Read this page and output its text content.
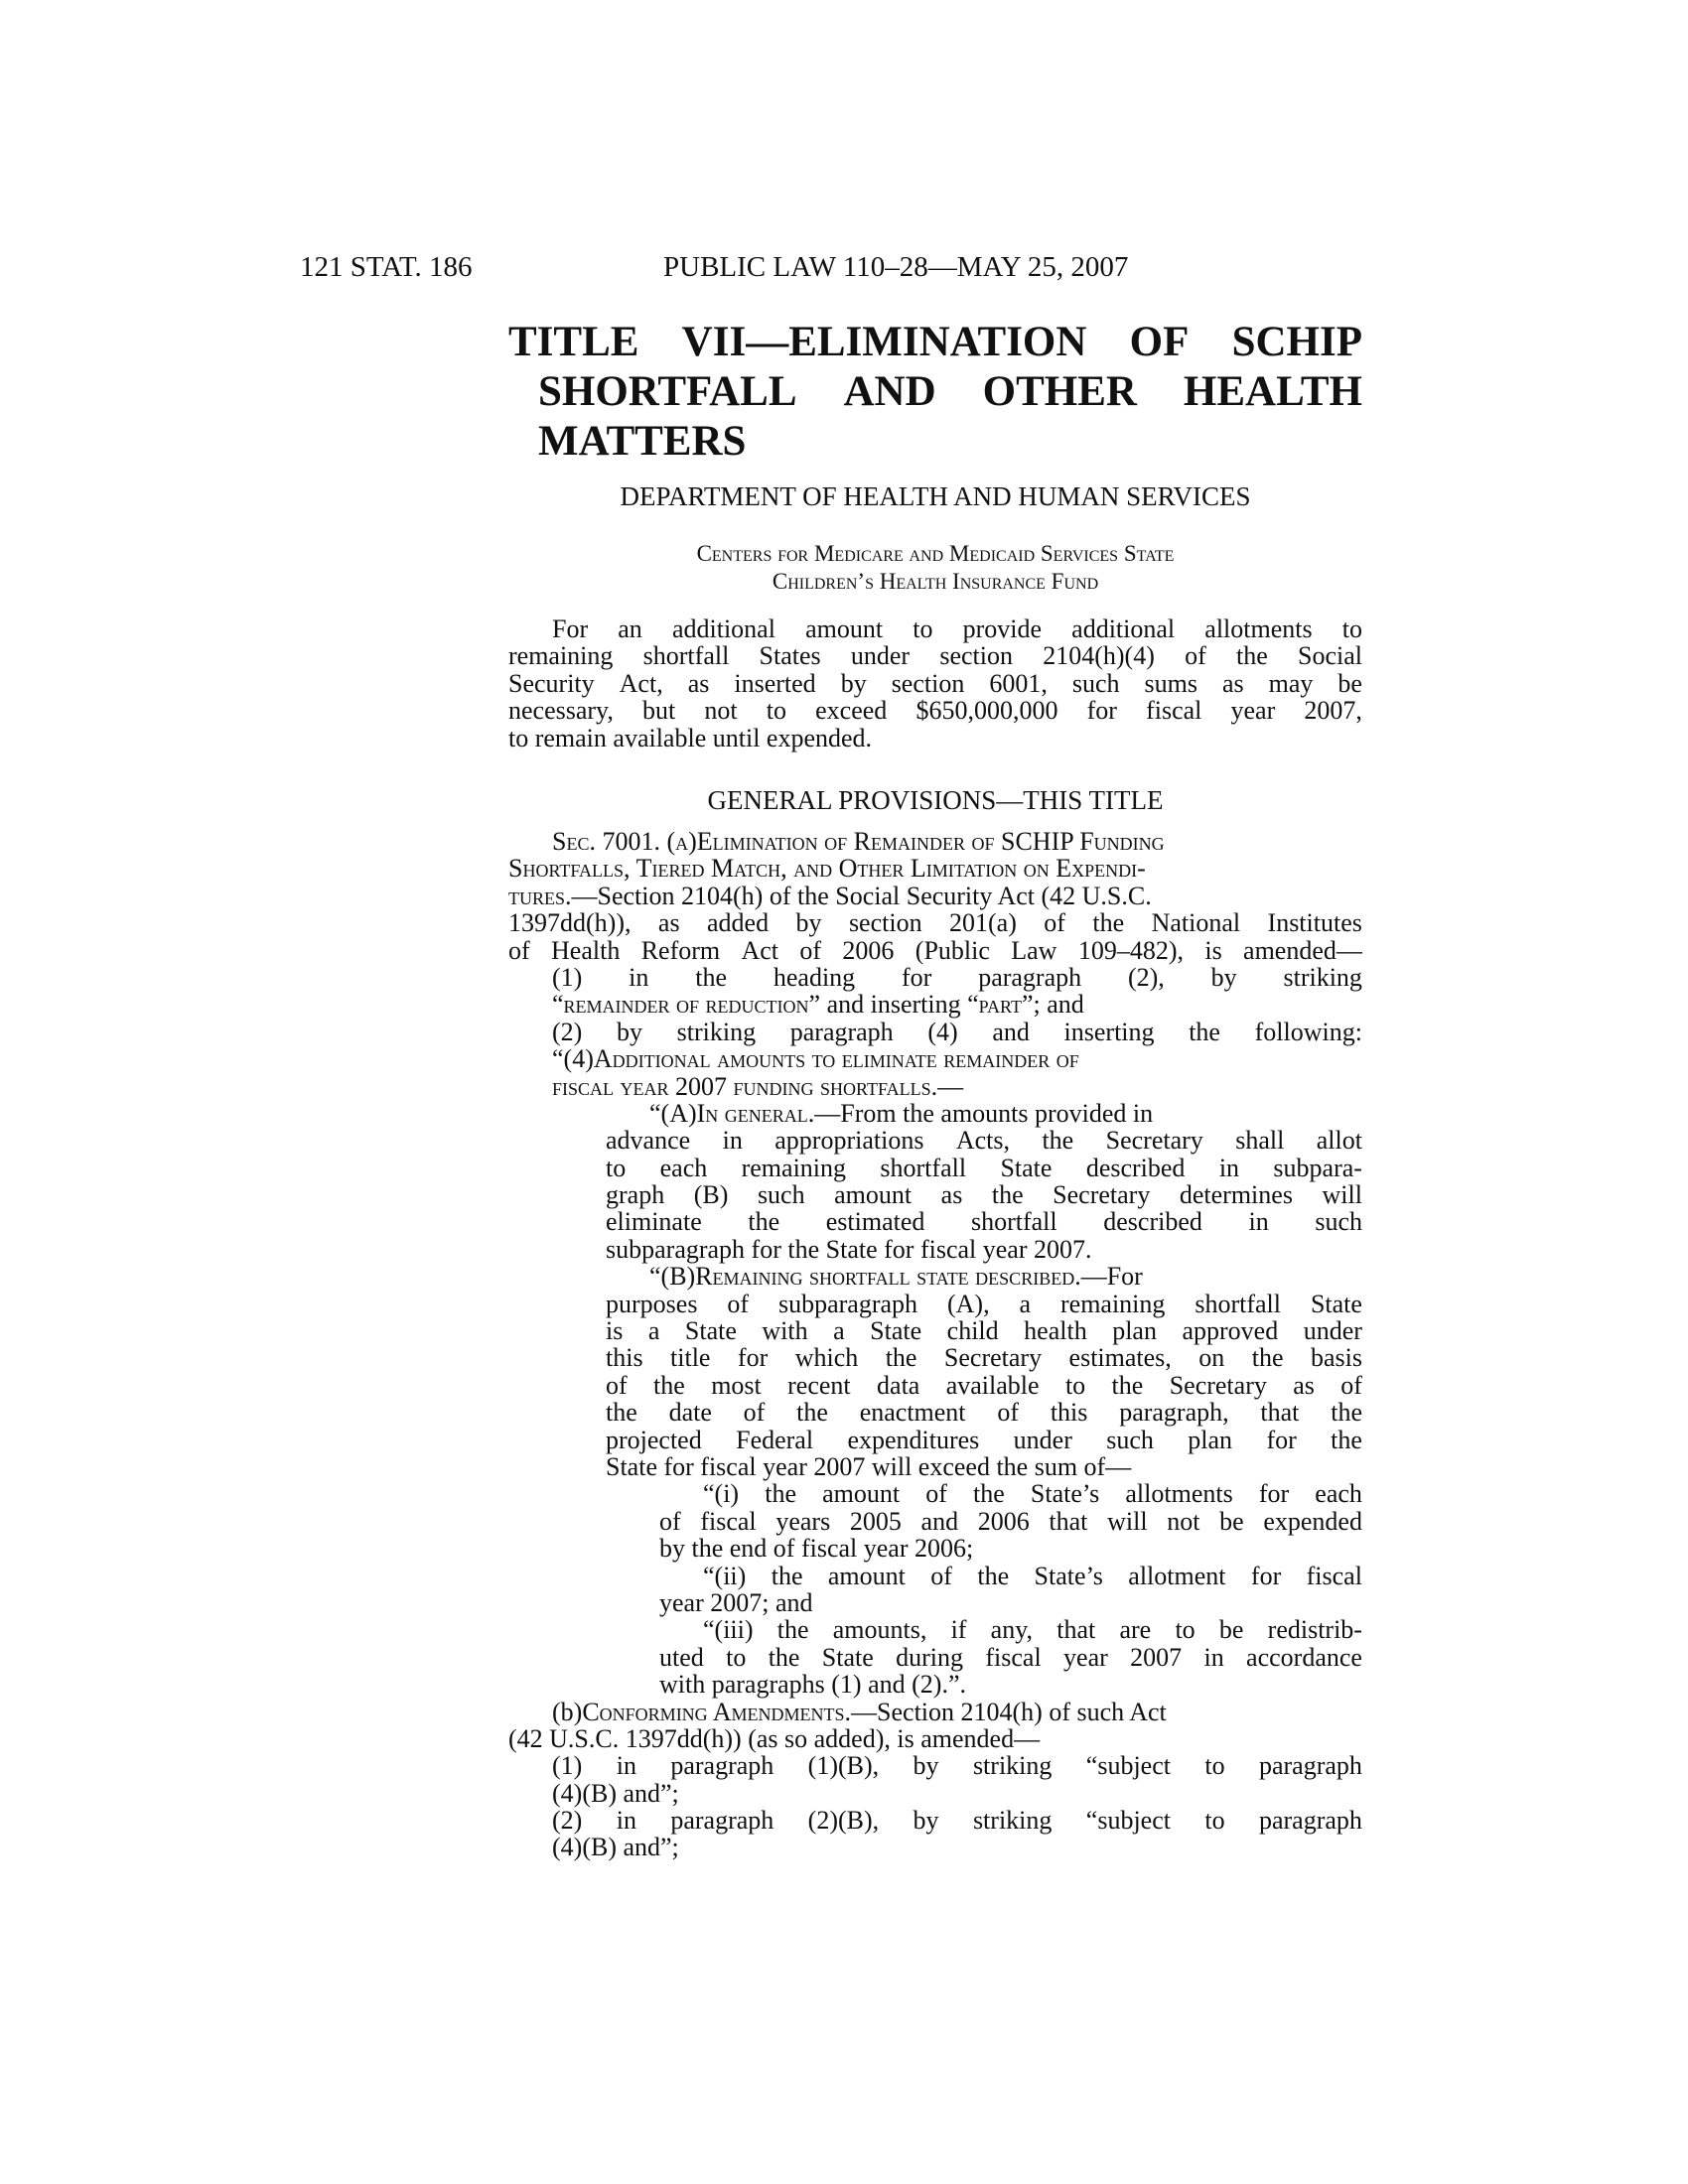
121 STAT. 186	PUBLIC LAW 110–28—MAY 25, 2007
TITLE VII—ELIMINATION OF SCHIP
SHORTFALL AND OTHER HEALTH
MATTERS
DEPARTMENT OF HEALTH AND HUMAN SERVICES
Centers for Medicare and Medicaid Services State
Children’s Health Insurance Fund
For an additional amount to provide additional allotments to
remaining shortfall States under section 2104(h)(4) of the Social
Security Act, as inserted by section 6001, such sums as may be
necessary, but not to exceed $650,000,000 for fiscal year 2007,
to remain available until expended.
GENERAL PROVISIONS—THIS TITLE
Sec. 7001. (a)Elimination of Remainder of SCHIP Funding
Shortfalls, Tiered Match, and Other Limitation on Expendi-
tures.—Section 2104(h) of the Social Security Act (42 U.S.C.
1397dd(h)), as added by section 201(a) of the National Institutes
of Health Reform Act of 2006 (Public Law 109–482), is amended—
(1) in the heading for paragraph (2), by striking
“remainder of reduction” and inserting “part”; and
(2) by striking paragraph (4) and inserting the following:
“(4)Additional amounts to eliminate remainder of
fiscal year 2007 funding shortfalls.—
“(A)In general.—From the amounts provided in
advance in appropriations Acts, the Secretary shall allot
to each remaining shortfall State described in subpara-
graph (B) such amount as the Secretary determines will
eliminate the estimated shortfall described in such
subparagraph for the State for fiscal year 2007.
“(B)Remaining shortfall state described.—For
purposes of subparagraph (A), a remaining shortfall State
is a State with a State child health plan approved under
this title for which the Secretary estimates, on the basis
of the most recent data available to the Secretary as of
the date of the enactment of this paragraph, that the
projected Federal expenditures under such plan for the
State for fiscal year 2007 will exceed the sum of—
“(i) the amount of the State’s allotments for each
of fiscal years 2005 and 2006 that will not be expended
by the end of fiscal year 2006;
“(ii) the amount of the State’s allotment for fiscal
year 2007; and
“(iii) the amounts, if any, that are to be redistrib-
uted to the State during fiscal year 2007 in accordance
with paragraphs (1) and (2).”.
(b)Conforming Amendments.—Section 2104(h) of such Act
(42 U.S.C. 1397dd(h)) (as so added), is amended—
(1) in paragraph (1)(B), by striking “subject to paragraph
(4)(B) and”;
(2) in paragraph (2)(B), by striking “subject to paragraph
(4)(B) and”;
